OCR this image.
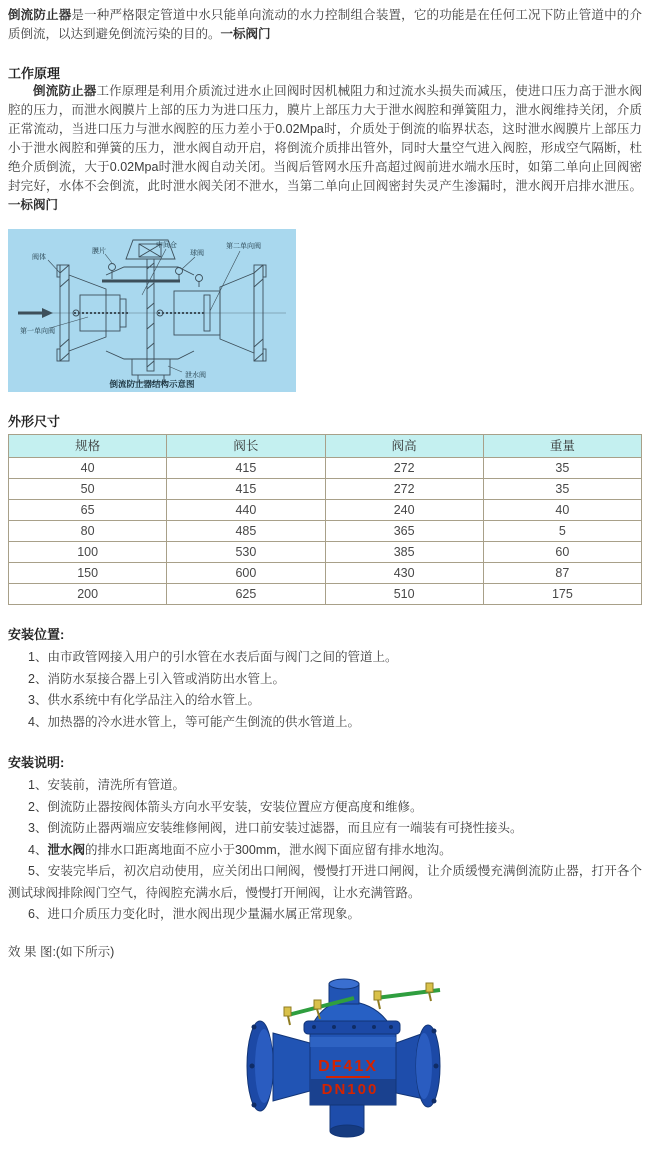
倒流防止器是一种严格限定管道中水只能单向流动的水力控制组合装置，它的功能是在任何工况下防止管道中的介质倒流，以达到避免倒流污染的目的。一标阀门

工作原理

倒流防止器工作原理是利用介质流过进水止回阀时因机械阻力和过流水头损失而减压，使进口压力高于泄水阀腔的压力，而泄水阀膜片上部的压力为进口压力，膜片上部压力大于泄水阀腔和弹簧阻力，泄水阀维持关闭，介质正常流动，当进口压力与泄水阀腔的压力差小于0.02Mpa时，介质处于倒流的临界状态，这时泄水阀膜片上部压力小于泄水阀腔和弹簧的压力，泄水阀自动开启，将倒流介质排出管外，同时大量空气进入阀腔，形成空气隔断，杜绝介质倒流，大于0.02Mpa时泄水阀自动关闭。当阀后管网水压升高超过阀前进水端水压时，如第二单向止回阀密封完好，水体不会倒流，此时泄水阀关闭不泄水，当第二单向止回阀密封失灵产生渗漏时，泄水阀开启排水泄压。一标阀门

阀体
膜片
中间仓
球阀
第二单向阀
第一单向阀
泄水阀
倒流防止器结构示意图
外形尺寸
规格	阀长	阀高	重量
40	415	272	35
50	415	272	35
65	440	240	40
80	485	365	5
100	530	385	60
150	600	430	87
200	625	510	175
安装位置:
1、由市政管网接入用户的引水管在水表后面与阀门之间的管道上。
2、消防水泵接合器上引入管或消防出水管上。
3、供水系统中有化学品注入的给水管上。
4、加热器的冷水进水管上，等可能产生倒流的供水管道上。
安装说明:
1、安装前，清洗所有管道。
2、倒流防止器按阀体箭头方向水平安装，安装位置应方便高度和维修。
3、倒流防止器两端应安装维修闸阀，进口前安装过滤器，而且应有一端装有可挠性接头。
4、泄水阀的排水口距离地面不应小于300mm，泄水阀下面应留有排水地沟。
5、安装完毕后，初次启动使用，应关闭出口闸阀，慢慢打开进口闸阀，让介质缓慢充满倒流防止器，打开各个测试球阀排除阀门空气，待阀腔充满水后，慢慢打开闸阀，让水充满管路。
6、进口介质压力变化时，泄水阀出现少量漏水属正常现象。

效 果 图:(如下所示)

DF41X
DN100
